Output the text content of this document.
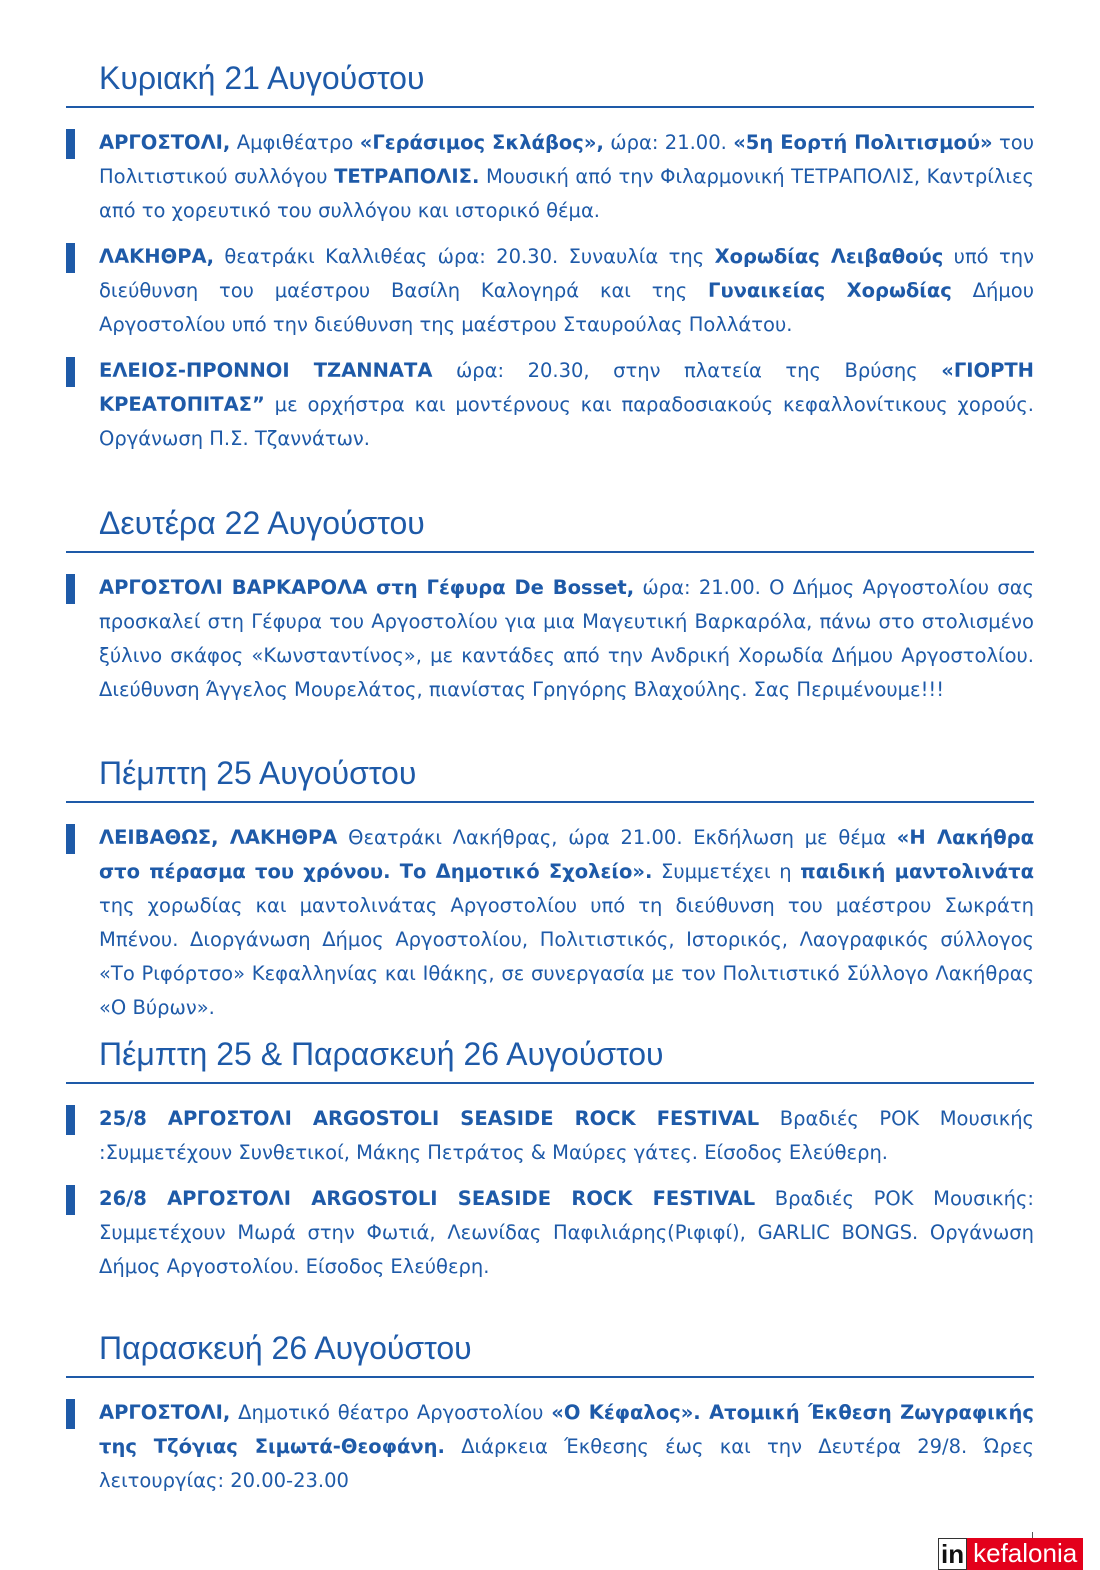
Κυριακή 21 Αυγούστου
ΑΡΓΟΣΤΟΛΙ, Αμφιθέατρο «Γεράσιμος Σκλάβος», ώρα: 21.00. «5η Εορτή Πολιτισμού» του Πολιτιστικού συλλόγου ΤΕΤΡΑΠΟΛΙΣ. Μουσική από την Φιλαρμονική ΤΕΤΡΑΠΟΛΙΣ, Καντρίλιες από το χορευτικό του συλλόγου και ιστορικό θέμα.
ΛΑΚΗΘΡΑ, θεατράκι Καλλιθέας ώρα: 20.30. Συναυλία της Χορωδίας Λειβαθούς υπό την διεύθυνση του μαέστρου Βασίλη Καλογηρά και της Γυναικείας Χορωδίας Δήμου Αργοστολίου υπό την διεύθυνση της μαέστρου Σταυρούλας Πολλάτου.
ΕΛΕΙΟΣ-ΠΡΟΝΝΟΙ ΤΖΑΝΝΑΤΑ ώρα: 20.30, στην πλατεία της Βρύσης «ΓΙΟΡΤΗ ΚΡΕΑΤΟΠΙΤΑΣ” με ορχήστρα και μοντέρνους και παραδοσιακούς κεφαλλονίτικους χορούς. Οργάνωση Π.Σ. Τζαννάτων.
Δευτέρα 22 Αυγούστου
ΑΡΓΟΣΤΟΛΙ ΒΑΡΚΑΡΟΛΑ στη Γέφυρα De Bosset, ώρα: 21.00. Ο Δήμος Αργοστολίου σας προσκαλεί στη Γέφυρα του Αργοστολίου για μια Μαγευτική Βαρκαρόλα, πάνω στο στολισμένο ξύλινο σκάφος «Κωνσταντίνος», με καντάδες από την Ανδρική Χορωδία Δήμου Αργοστολίου. Διεύθυνση Άγγελος Μουρελάτος, πιανίστας Γρηγόρης Βλαχούλης. Σας Περιμένουμε!!!
Πέμπτη 25 Αυγούστου
ΛΕΙΒΑΘΩΣ, ΛΑΚΗΘΡΑ Θεατράκι Λακήθρας, ώρα 21.00. Εκδήλωση με θέμα «Η Λακήθρα στο πέρασμα του χρόνου. Το Δημοτικό Σχολείο». Συμμετέχει η παιδική μαντολινάτα της χορωδίας και μαντολινάτας Αργοστολίου υπό τη διεύθυνση του μαέστρου Σωκράτη Μπένου. Διοργάνωση Δήμος Αργοστολίου, Πολιτιστικός, Ιστορικός, Λαογραφικός σύλλογος «Το Ριφόρτσο» Κεφαλληνίας και Ιθάκης, σε συνεργασία με τον Πολιτιστικό Σύλλογο Λακήθρας «Ο Βύρων».
Πέμπτη 25 & Παρασκευή 26 Αυγούστου
25/8 ΑΡΓΟΣΤΟΛΙ ARGOSTOLI SEASIDE ROCK FESTIVAL Βραδιές ΡΟΚ Μουσικής :Συμμετέχουν Συνθετικοί, Μάκης Πετράτος & Μαύρες γάτες. Είσοδος Ελεύθερη.
26/8 ΑΡΓΟΣΤΟΛΙ ARGOSTOLI SEASIDE ROCK FESTIVAL Βραδιές ΡΟΚ Μουσικής: Συμμετέχουν Μωρά στην Φωτιά, Λεωνίδας Παφιλιάρης(Ριφιφί), GARLIC BONGS. Οργάνωση Δήμος Αργοστολίου. Είσοδος Ελεύθερη.
Παρασκευή 26 Αυγούστου
ΑΡΓΟΣΤΟΛΙ, Δημοτικό θέατρο Αργοστολίου «Ο Κέφαλος». Ατομική Έκθεση Ζωγραφικής της Τζόγιας Σιμωτά-Θεοφάνη. Διάρκεια Έκθεσης έως και την Δευτέρα 29/8. Ώρες λειτουργίας: 20.00-23.00
in kefalonia
